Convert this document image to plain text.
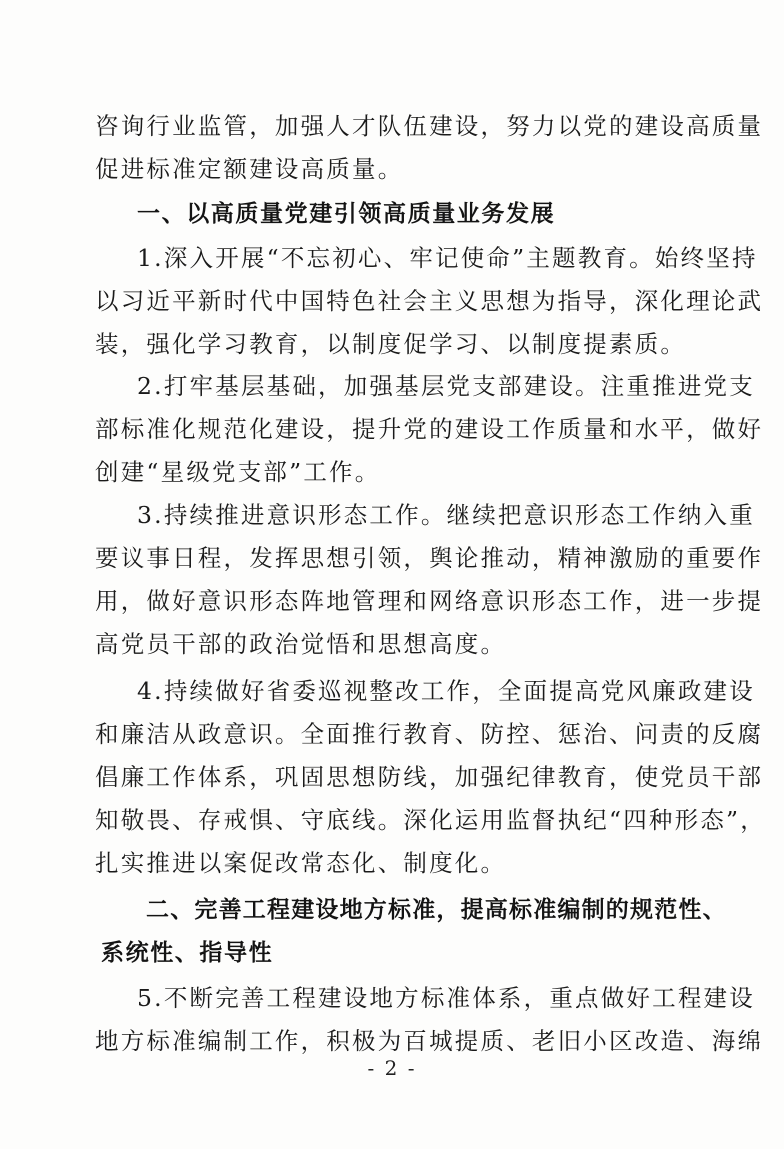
咨询行业监管，加强人才队伍建设，努力以党的建设高质量
促进标准定额建设高质量。
一、以高质量党建引领高质量业务发展
1.深入开展“不忘初心、牢记使命”主题教育。始终坚持
以习近平新时代中国特色社会主义思想为指导，深化理论武
装，强化学习教育，以制度促学习、以制度提素质。
2.打牢基层基础，加强基层党支部建设。注重推进党支
部标准化规范化建设，提升党的建设工作质量和水平，做好
创建“星级党支部”工作。
3.持续推进意识形态工作。继续把意识形态工作纳入重
要议事日程，发挥思想引领，舆论推动，精神激励的重要作
用，做好意识形态阵地管理和网络意识形态工作，进一步提
高党员干部的政治觉悟和思想高度。
4.持续做好省委巡视整改工作，全面提高党风廉政建设
和廉洁从政意识。全面推行教育、防控、惩治、问责的反腐
倡廉工作体系，巩固思想防线，加强纪律教育，使党员干部
知敬畏、存戒惧、守底线。深化运用监督执纪“四种形态”，
扎实推进以案促改常态化、制度化。
二、完善工程建设地方标准，提高标准编制的规范性、
系统性、指导性
5.不断完善工程建设地方标准体系，重点做好工程建设
地方标准编制工作，积极为百城提质、老旧小区改造、海绵
- 2 -
